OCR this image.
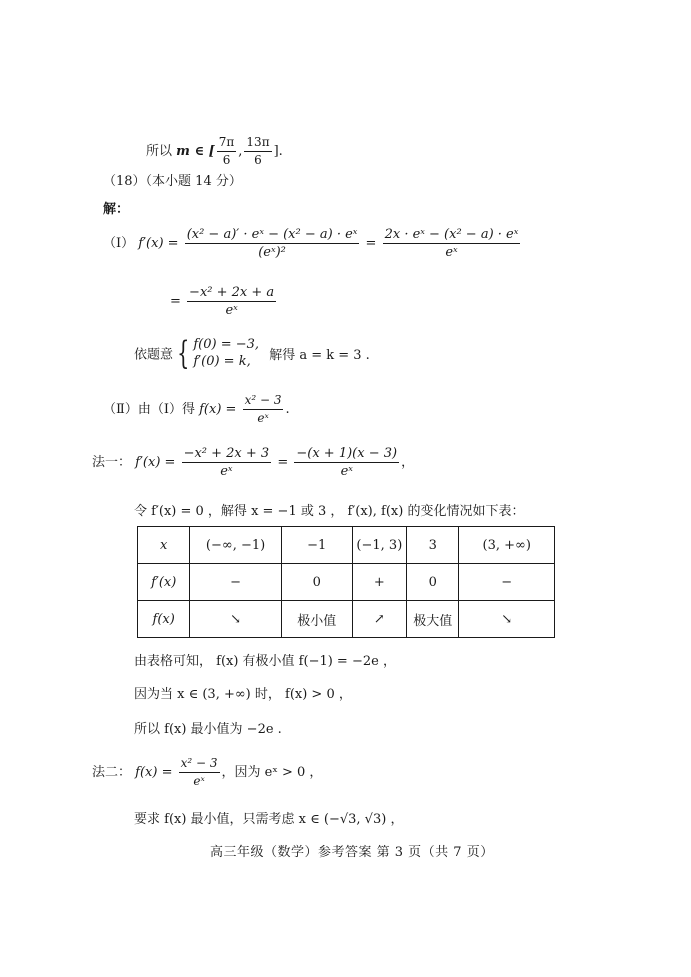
所以 m ∈ [ $\frac{7\pi}{6}$ , $\frac{13\pi}{6}$ ].
（18）（本小题 14 分）
解：
（Ⅰ） $f'(x) = \frac{\text{(x² − a)′ · eˣ − (x² − a) · eˣ}}{\text{(eˣ)²}} = \frac{\text{2x · eˣ − (x² − a) · eˣ}}{\text{eˣ}}$
= $\frac{\text{−x² + 2x + a}}{\text{eˣ}}$
依题意 { f(0) = −3,
f′(0) = k,	解得 a = k = 3 .
（Ⅱ）由（Ⅰ）得 $f(x) = \frac{\text{x² − 3}}{\text{eˣ}}$ .
法一： $f'(x) = \frac{\text{−x² + 2x + 3}}{\text{eˣ}} = \frac{-(x + 1)(x - 3)}{\text{eˣ}}$ ，
令 f′(x) = 0 ，解得 x = −1 或 3 ， f′(x), f(x) 的变化情况如下表：
x	(−∞, −1)	−1	(−1, 3)	3	(3, +∞)
f′(x)	−	0	+	0	−
f(x)	↘	极小值	↗	极大值	↘
由表格可知， f(x) 有极小值 f(−1) = −2e ，
因为当 x ∈ (3, +∞) 时， f(x) > 0 ，
所以 f(x) 最小值为 −2e .
法二： $f(x) = \frac{\text{x² − 3}}{\text{eˣ}}$ ，因为 eˣ > 0 ，
要求 f(x) 最小值，只需考虑 x ∈ (−√3, √3) ，
高三年级（数学）参考答案 第 3 页（共 7 页）
